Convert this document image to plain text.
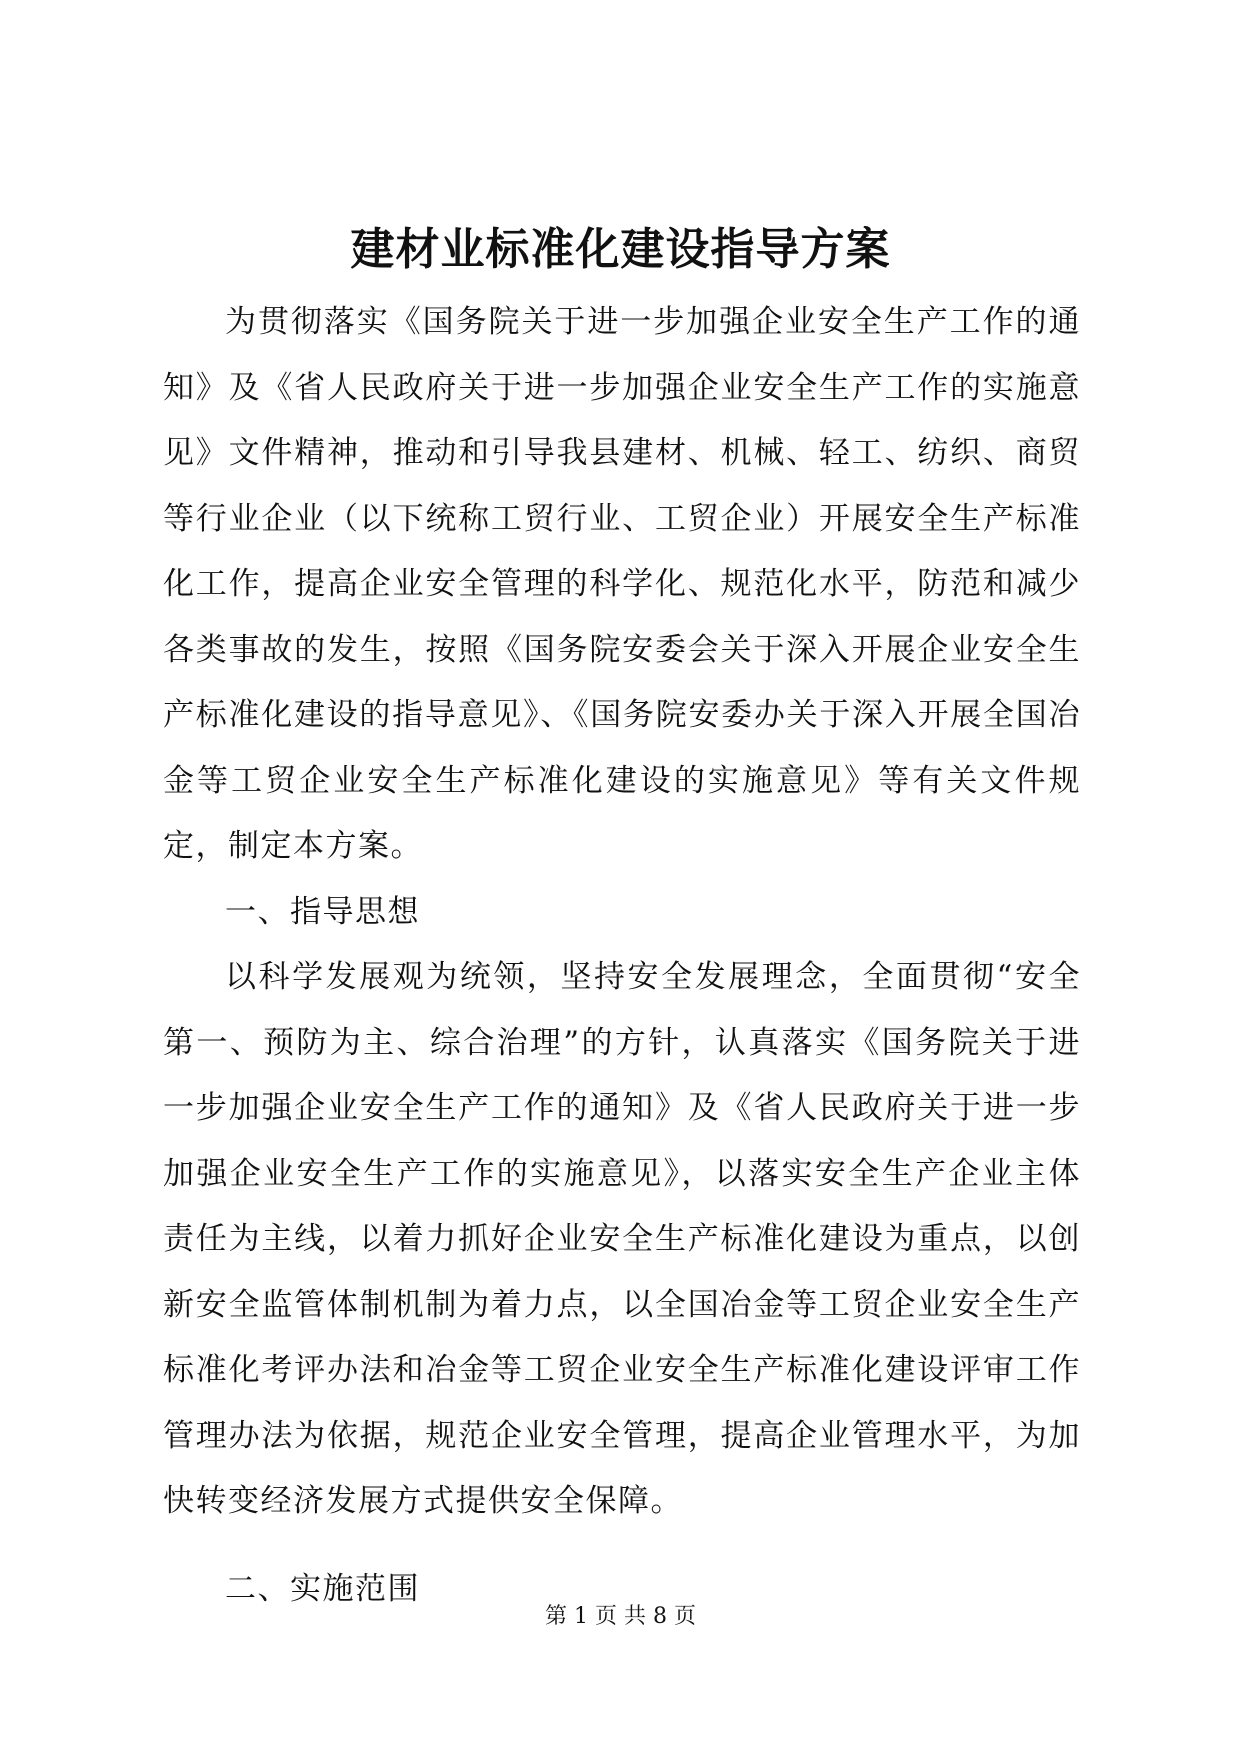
建材业标准化建设指导方案

为贯彻落实《国务院关于进一步加强企业安全生产工作的通知》及《省人民政府关于进一步加强企业安全生产工作的实施意见》文件精神，推动和引导我县建材、机械、轻工、纺织、商贸等行业企业（以下统称工贸行业、工贸企业）开展安全生产标准化工作，提高企业安全管理的科学化、规范化水平，防范和减少各类事故的发生，按照《国务院安委会关于深入开展企业安全生产标准化建设的指导意见》、《国务院安委办关于深入开展全国冶金等工贸企业安全生产标准化建设的实施意见》等有关文件规定，制定本方案。

一、指导思想

以科学发展观为统领，坚持安全发展理念，全面贯彻“安全第一、预防为主、综合治理”的方针，认真落实《国务院关于进一步加强企业安全生产工作的通知》及《省人民政府关于进一步加强企业安全生产工作的实施意见》，以落实安全生产企业主体责任为主线，以着力抓好企业安全生产标准化建设为重点，以创新安全监管体制机制为着力点，以全国冶金等工贸企业安全生产标准化考评办法和冶金等工贸企业安全生产标准化建设评审工作管理办法为依据，规范企业安全管理，提高企业管理水平，为加快转变经济发展方式提供安全保障。

二、实施范围

第 1 页 共 8 页
